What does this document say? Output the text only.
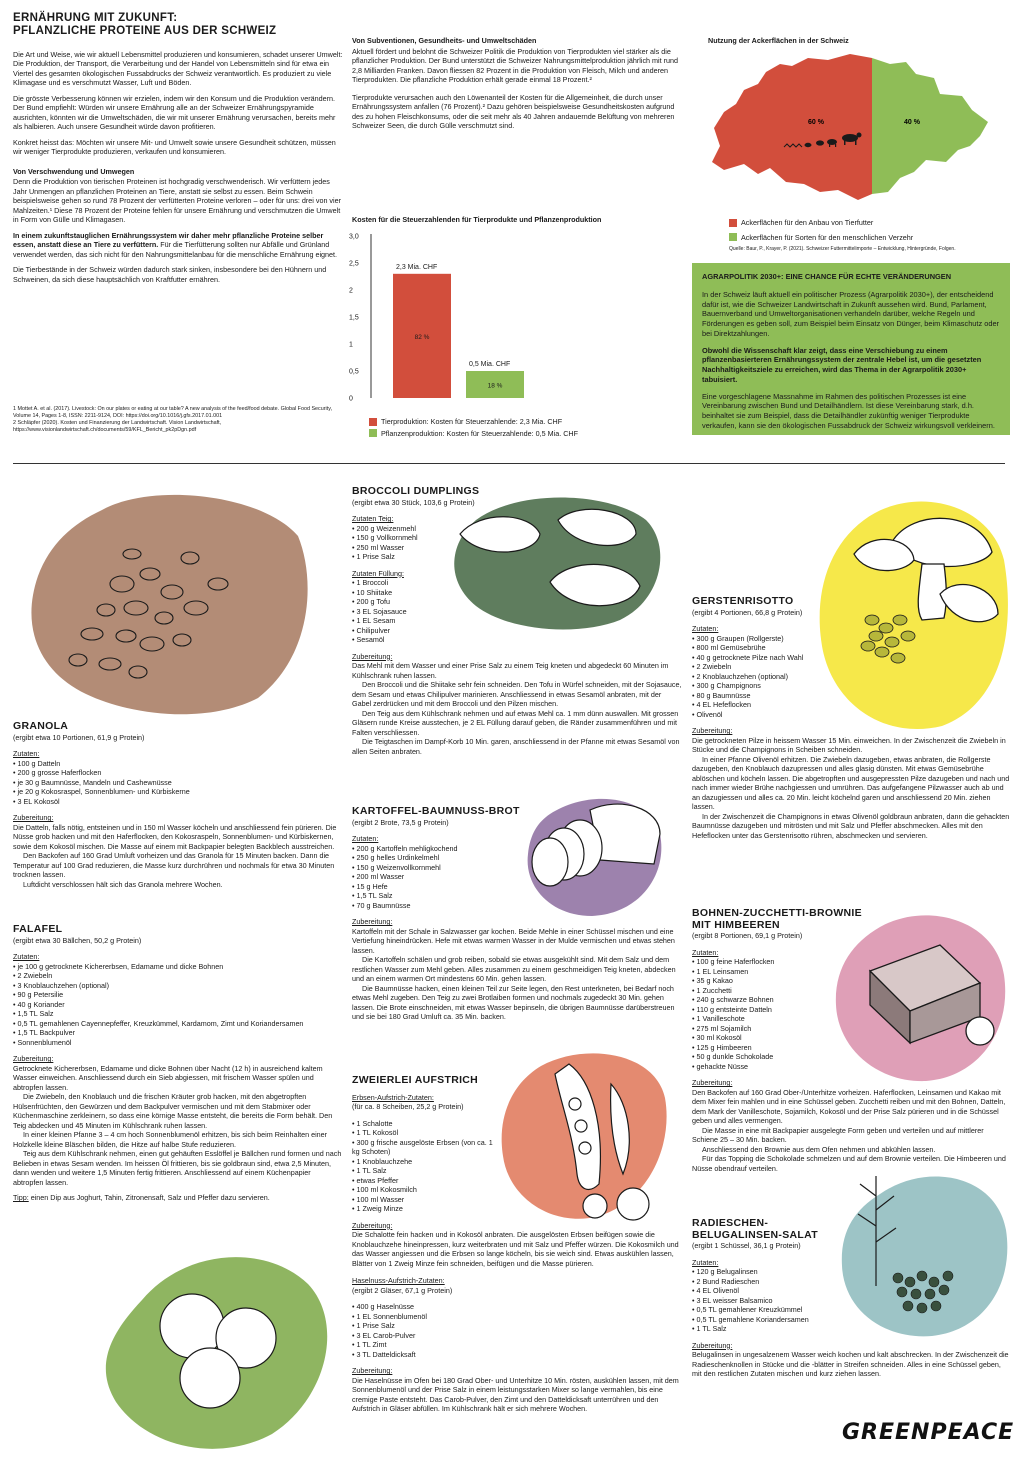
ERNÄHRUNG MIT ZUKUNFT:
PFLANZLICHE PROTEINE AUS DER SCHWEIZ
Die Art und Weise, wie wir aktuell Lebensmittel produzieren und konsumieren, schadet unserer Umwelt: Die Produktion, der Transport, die Verarbeitung und der Handel von Lebensmitteln sind für etwa ein Viertel des gesamten ökologischen Fussabdrucks der Schweiz verantwortlich. Es produziert zu viele Klimagase und es verschmutzt Wasser, Luft und Böden.
Die grösste Verbesserung können wir erzielen, indem wir den Konsum und die Produktion verändern. Der Bund empfiehlt: Würden wir unsere Ernährung alle an der Schweizer Ernährungspyramide ausrichten, könnten wir die Umweltschäden, die wir mit unserer Ernährung verursachen, bereits mehr als halbieren. Auch unsere Gesundheit würde davon profitieren.
Konkret heisst das: Möchten wir unsere Mit- und Umwelt sowie unsere Gesundheit schützen, müssen wir weniger Tierprodukte produzieren, verkaufen und konsumieren.
Von Verschwendung und Umwegen
Denn die Produktion von tierischen Proteinen ist hochgradig verschwenderisch. Wir verfüttern jedes Jahr Unmengen an pflanzlichen Proteinen an Tiere, anstatt sie selbst zu essen. Beim Schwein beispielsweise gehen so rund 78 Prozent der verfütterten Proteine verloren – oder für uns: drei von vier Mahlzeiten.¹ Diese 78 Prozent der Proteine fehlen für unsere Ernährung und verschmutzen die Umwelt in Form von Gülle und Klimagasen.
In einem zukunftstauglichen Ernährungssystem wir daher mehr pflanzliche Proteine selber essen, anstatt diese an Tiere zu verfüttern. Für die Tierfütterung sollten nur Abfälle und Grünland verwendet werden, das sich nicht für den Nahrungsmittelanbau für die menschliche Ernährung eignet.
Die Tierbestände in der Schweiz würden dadurch stark sinken, insbesondere bei den Hühnern und Schweinen, da sich diese hauptsächlich von Kraftfutter ernähren.
1 Mottet A. et al. (2017). Livestock: On our plates or eating at our table? A new analysis of the feed/food debate. Global Food Security, Volume 14, Pages 1-8, ISSN: 2211-9124, DOI: https://doi.org/10.1016/j.gfs.2017.01.001
2 Schläpfer (2020). Kosten und Finanzierung der Landwirtschaft. Vision Landwirtschaft, https://www.visionlandwirtschaft.ch/documents/59/KFL_Bericht_pk2pDgn.pdf
Von Subventionen, Gesundheits- und Umweltschäden
Aktuell fördert und belohnt die Schweizer Politik die Produktion von Tierprodukten viel stärker als die pflanzlicher Produktion. Der Bund unterstützt die Schweizer Nahrungsmittelproduktion jährlich mit rund 2,8 Milliarden Franken. Davon fliessen 82 Prozent in die Produktion von Fleisch, Milch und anderen Tierprodukten. Die pflanzliche Produktion erhält gerade einmal 18 Prozent.²
Tierprodukte verursachen auch den Löwenanteil der Kosten für die Allgemeinheit, die durch unser Ernährungssystem anfallen (76 Prozent).² Dazu gehören beispielsweise Gesundheitskosten aufgrund des zu hohen Fleischkonsums, oder die seit mehr als 40 Jahren andauernde Belüftung von mehreren Schweizer Seen, die durch Gülle verschmutzt sind.
Kosten für die Steuerzahlenden für Tierprodukte und Pflanzenproduktion
0
0,5
1
1,5
2
2,5
3,0
2,3 Mia. CHF
82 %
0,5 Mia. CHF
18 %
Tierproduktion: Kosten für Steuerzahlende: 2,3 Mia. CHF
Pflanzenproduktion: Kosten für Steuerzahlende: 0,5 Mia. CHF
Nutzung der Ackerflächen in der Schweiz
60 %	40 %
Ackerflächen für den Anbau von Tierfutter
Ackerflächen für Sorten für den menschlichen Verzehr
Quelle: Baur, P., Krayer, P. (2021). Schweizer Futtermittelimporte – Entwicklung, Hintergründe, Folgen.
AGRARPOLITIK 2030+: EINE CHANCE FÜR ECHTE VERÄNDERUNGEN
In der Schweiz läuft aktuell ein politischer Prozess (Agrarpolitik 2030+), der entscheidend dafür ist, wie die Schweizer Landwirtschaft in Zukunft aussehen wird. Bund, Parlament, Bauernverband und Umweltorganisationen verhandeln darüber, welche Regeln und Förderungen es geben soll, zum Beispiel beim Einsatz von Dünger, beim Klimaschutz oder bei Direktzahlungen.
Obwohl die Wissenschaft klar zeigt, dass eine Verschiebung zu einem pflanzenbasierteren Ernährungssystem der zentrale Hebel ist, um die gesetzten Nachhaltigkeitsziele zu erreichen, wird das Thema in der Agrarpolitik 2030+ tabuisiert.
Eine vorgeschlagene Massnahme im Rahmen des politischen Prozesses ist eine Vereinbarung zwischen Bund und Detailhändlern. Ist diese Vereinbarung stark, d.h. beinhaltet sie zum Beispiel, dass die Detailhändler zukünftig weniger Tierprodukte verkaufen, kann sie den ökologischen Fussabdruck der Schweiz wirkungsvoll verkleinern.
GRANOLA
(ergibt etwa 10 Portionen, 61,9 g Protein)
Zutaten:
• 100 g Datteln
• 200 g grosse Haferflocken
• je 30 g Baumnüsse, Mandeln und Cashewnüsse
• je 20 g Kokosraspel, Sonnenblumen- und Kürbiskerne
• 3 EL Kokosöl
Zubereitung:
Die Datteln, falls nötig, entsteinen und in 150 ml Wasser köcheln und anschliessend fein pürieren. Die Nüsse grob hacken und mit den Haferflocken, den Kokosraspeln, Sonnenblumen- und Kürbiskernen, sowie dem Kokosöl mischen. Die Masse auf einem mit Backpapier belegten Backblech ausstreichen.
Den Backofen auf 160 Grad Umluft vorheizen und das Granola für 15 Minuten backen. Dann die Temperatur auf 100 Grad reduzieren, die Masse kurz durchrühren und nochmals für etwa 30 Minuten trocknen lassen.
Luftdicht verschlossen hält sich das Granola mehrere Wochen.
FALAFEL
(ergibt etwa 30 Bällchen, 50,2 g Protein)
Zutaten:
• je 100 g getrocknete Kichererbsen, Edamame und dicke Bohnen
• 2 Zwiebeln
• 3 Knoblauchzehen (optional)
• 90 g Petersilie
• 40 g Koriander
• 1,5 TL Salz
• 0,5 TL gemahlenen Cayennepfeffer, Kreuzkümmel, Kardamom, Zimt und Koriandersamen
• 1,5 TL Backpulver
• Sonnenblumenöl
Zubereitung:
Getrocknete Kichererbsen, Edamame und dicke Bohnen über Nacht (12 h) in ausreichend kaltem Wasser einweichen. Anschliessend durch ein Sieb abgiessen, mit frischem Wasser spülen und abtropfen lassen.
Die Zwiebeln, den Knoblauch und die frischen Kräuter grob hacken, mit den abgetropften Hülsenfrüchten, den Gewürzen und dem Backpulver vermischen und mit dem Stabmixer oder Küchenmaschine zerkleinern, so dass eine körnige Masse entsteht, die bereits die Form behält. Den Teig abdecken und 45 Minuten im Kühlschrank ruhen lassen.
In einer kleinen Pfanne 3 – 4 cm hoch Sonnenblumenöl erhitzen, bis sich beim Reinhalten einer Holzkelle kleine Bläschen bilden, die Hitze auf halbe Stufe reduzieren.
Teig aus dem Kühlschrank nehmen, einen gut gehäuften Esslöffel je Bällchen rund formen und nach Belieben in etwas Sesam wenden. Im heissen Öl frittieren, bis sie goldbraun sind, etwa 2,5 Minuten, dann wenden und weitere 1,5 Minuten fertig frittieren. Anschliessend auf einem Küchenpapier abtropfen lassen.
Tipp: einen Dip aus Joghurt, Tahin, Zitronensaft, Salz und Pfeffer dazu servieren.
BROCCOLI DUMPLINGS
(ergibt etwa 30 Stück, 103,6 g Protein)
Zutaten Teig:
• 200 g Weizenmehl
• 150 g Vollkornmehl
• 250 ml Wasser
• 1 Prise Salz
Zutaten Füllung:
• 1 Broccoli
• 10 Shiitake
• 200 g Tofu
• 3 EL Sojasauce
• 1 EL Sesam
• Chilipulver
• Sesamöl
Zubereitung:
Das Mehl mit dem Wasser und einer Prise Salz zu einem Teig kneten und abgedeckt 60 Minuten im Kühlschrank ruhen lassen.
Den Broccoli und die Shiitake sehr fein schneiden. Den Tofu in Würfel schneiden, mit der Sojasauce, dem Sesam und etwas Chilipulver marinieren. Anschliessend in etwas Sesamöl anbraten, mit der Gabel zerdrücken und mit dem Broccoli und den Pilzen mischen.
Den Teig aus dem Kühlschrank nehmen und auf etwas Mehl ca. 1 mm dünn auswallen. Mit grossen Gläsern runde Kreise ausstechen, je 2 EL Füllung darauf geben, die Ränder zusammenführen und mit Falten verschliessen.
Die Teigtaschen im Dampf-Korb 10 Min. garen, anschliessend in der Pfanne mit etwas Sesamöl von allen Seiten anbraten.
KARTOFFEL-BAUMNUSS-BROT
(ergibt 2 Brote, 73,5 g Protein)
Zutaten:
• 200 g Kartoffeln mehligkochend
• 250 g helles Urdinkelmehl
• 150 g Weizenvollkornmehl
• 200 ml Wasser
• 15 g Hefe
• 1,5 TL Salz
• 70 g Baumnüsse
Zubereitung:
Kartoffeln mit der Schale in Salzwasser gar kochen. Beide Mehle in einer Schüssel mischen und eine Vertiefung hineindrücken. Hefe mit etwas warmen Wasser in der Mulde vermischen und etwas stehen lassen.
Die Kartoffeln schälen und grob reiben, sobald sie etwas ausgekühlt sind. Mit dem Salz und dem restlichen Wasser zum Mehl geben. Alles zusammen zu einem geschmeidigen Teig kneten, abdecken und an einem warmen Ort mindestens 60 Min. gehen lassen.
Die Baumnüsse hacken, einen kleinen Teil zur Seite legen, den Rest unterkneten, bei Bedarf noch etwas Mehl zugeben. Den Teig zu zwei Brotlaiben formen und nochmals zugedeckt 30 Min. gehen lassen. Die Brote einschneiden, mit etwas Wasser bepinseln, die übrigen Baumnüsse darüberstreuen und sie bei 180 Grad Umluft ca. 35 Min. backen.
ZWEIERLEI AUFSTRICH
Erbsen-Aufstrich-Zutaten:
(für ca. 8 Scheiben, 25,2 g Protein)
• 1 Schalotte
• 1 TL Kokosöl
• 300 g frische ausgelöste Erbsen (von ca. 1 kg Schoten)
• 1 Knoblauchzehe
• 1 TL Salz
• etwas Pfeffer
• 100 ml Kokosmilch
• 100 ml Wasser
• 1 Zweig Minze
Zubereitung:
Die Schalotte fein hacken und in Kokosöl anbraten. Die ausgelösten Erbsen beifügen sowie die Knoblauchzehe hineinpressen, kurz weiterbraten und mit Salz und Pfeffer würzen. Die Kokosmilch und das Wasser angiessen und die Erbsen so lange köcheln, bis sie weich sind. Etwas auskühlen lassen, Blätter von 1 Zweig Minze fein schneiden, beifügen und die Masse pürieren.
Haselnuss-Aufstrich-Zutaten:
(ergibt 2 Gläser, 67,1 g Protein)
• 400 g Haselnüsse
• 1 EL Sonnenblumenöl
• 1 Prise Salz
• 3 EL Carob-Pulver
• 1 TL Zimt
• 3 TL Datteldicksaft
Zubereitung:
Die Haselnüsse im Ofen bei 180 Grad Ober- und Unterhitze 10 Min. rösten, auskühlen lassen, mit dem Sonnenblumenöl und der Prise Salz in einem leistungsstarken Mixer so lange vermahlen, bis eine cremige Paste entsteht. Das Carob-Pulver, den Zimt und den Datteldicksaft unterrühren und den Aufstrich in Gläser abfüllen. Im Kühlschrank hält er sich mehrere Wochen.
GERSTENRISOTTO
(ergibt 4 Portionen, 66,8 g Protein)
Zutaten:
• 300 g Graupen (Rollgerste)
• 800 ml Gemüsebrühe
• 40 g getrocknete Pilze nach Wahl
• 2 Zwiebeln
• 2 Knoblauchzehen (optional)
• 300 g Champignons
• 80 g Baumnüsse
• 4 EL Hefeflocken
• Olivenöl
Zubereitung:
Die getrockneten Pilze in heissem Wasser 15 Min. einweichen. In der Zwischenzeit die Zwiebeln in Stücke und die Champignons in Scheiben schneiden.
In einer Pfanne Olivenöl erhitzen. Die Zwiebeln dazugeben, etwas anbraten, die Rollgerste dazugeben, den Knoblauch dazupressen und alles glasig dünsten. Mit etwas Gemüsebrühe ablöschen und köcheln lassen. Die abgetropften und ausgepressten Pilze dazugeben und nach und nach immer wieder Brühe nachgiessen und umrühren. Das aufgefangene Pilzwasser auch ab und an dazugiessen und alles ca. 20 Min. leicht köchelnd garen und anschliessend 20 Min. ziehen lassen.
In der Zwischenzeit die Champignons in etwas Olivenöl goldbraun anbraten, dann die gehackten Baumnüsse dazugeben und mitrösten und mit Salz und Pfeffer abschmecken. Alles mit den Hefeflocken unter das Gerstenrisotto rühren, abschmecken und servieren.
BOHNEN-ZUCCHETTI-BROWNIE
MIT HIMBEEREN
(ergibt 8 Portionen, 69,1 g Protein)
Zutaten:
• 100 g feine Haferflocken
• 1 EL Leinsamen
• 35 g Kakao
• 1 Zucchetti
• 240 g schwarze Bohnen
• 110 g entsteinte Datteln
• 1 Vanilleschote
• 275 ml Sojamilch
• 30 ml Kokosöl
• 125 g Himbeeren
• 50 g dunkle Schokolade
• gehackte Nüsse
Zubereitung:
Den Backofen auf 160 Grad Ober-/Unterhitze vorheizen. Haferflocken, Leinsamen und Kakao mit dem Mixer fein mahlen und in eine Schüssel geben. Zucchetti reiben und mit den Bohnen, Datteln, dem Mark der Vanilleschote, Sojamilch, Kokosöl und der Prise Salz pürieren und in die Schüssel geben und alles vermengen.
Die Masse in eine mit Backpapier ausgelegte Form geben und verteilen und auf mittlerer Schiene 25 – 30 Min. backen.
Anschliessend den Brownie aus dem Ofen nehmen und abkühlen lassen.
Für das Topping die Schokolade schmelzen und auf dem Brownie verteilen. Die Himbeeren und Nüsse obendrauf verteilen.
RADIESCHEN-
BELUGALINSEN-SALAT
(ergibt 1 Schüssel, 36,1 g Protein)
Zutaten:
• 120 g Belugalinsen
• 2 Bund Radieschen
• 4 EL Olivenöl
• 3 EL weisser Balsamico
• 0,5 TL gemahlener Kreuzkümmel
• 0,5 TL gemahlene Koriandersamen
• 1 TL Salz
Zubereitung:
Belugalinsen in ungesalzenem Wasser weich kochen und kalt abschrecken. In der Zwischenzeit die Radieschenknollen in Stücke und die -blätter in Streifen schneiden. Alles in eine Schüssel geben, mit den restlichen Zutaten mischen und kurz ziehen lassen.
GREENPEACE
